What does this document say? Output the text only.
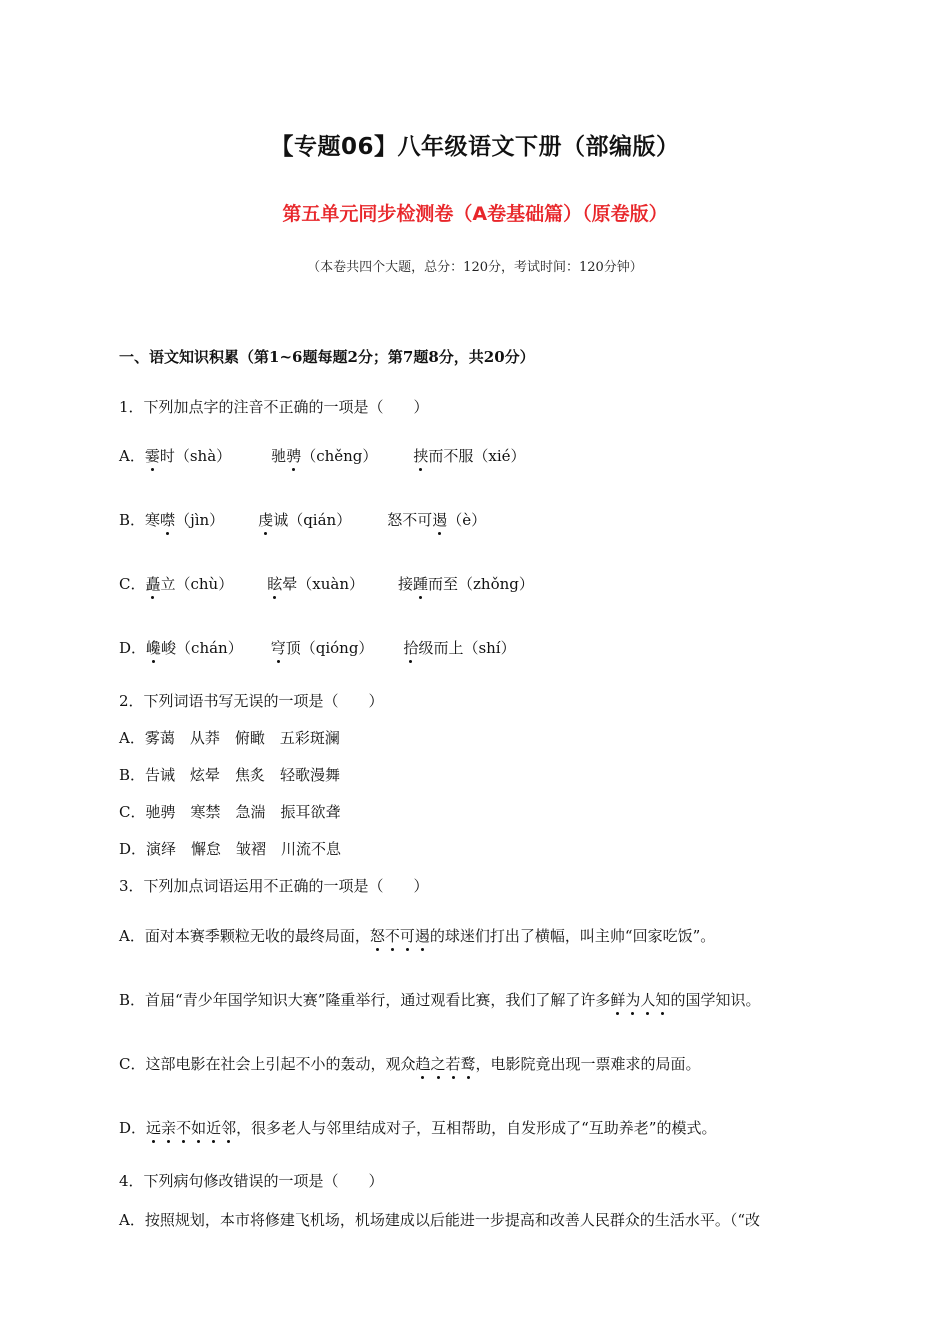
【专题06】八年级语文下册（部编版）
第五单元同步检测卷（A卷基础篇）（原卷版）
（本卷共四个大题，总分：120分，考试时间：120分钟）
一、语文知识积累（第1~6题每题2分；第7题8分，共20分）
1．下列加点字的注音不正确的一项是（　　）
A．霎时（shà）	驰骋（chěng） 挟而不服（xié）
B．寒噤（jìn） 虔诚（qián） 怒不可遏（è）
C．矗立（chù） 眩晕（xuàn） 接踵而至（zhǒng）
D．巉峻（chán） 穹顶（qióng） 拾级而上（shí）
2．下列词语书写无误的一项是（　　）
A．雾蔼　从莽　俯瞰　五彩斑澜
B．告诫　炫晕　焦炙　轻歌漫舞
C．驰骋　寒禁　急湍　振耳欲聋
D．演绎　懈怠　皱褶　川流不息
3．下列加点词语运用不正确的一项是（　　）
A．面对本赛季颗粒无收的最终局面，怒不可遏的球迷们打出了横幅，叫主帅“回家吃饭”。
B．首届“青少年国学知识大赛”隆重举行，通过观看比赛，我们了解了许多鲜为人知的国学知识。
C．这部电影在社会上引起不小的轰动，观众趋之若鹜，电影院竟出现一票难求的局面。
D．远亲不如近邻，很多老人与邻里结成对子，互相帮助，自发形成了“互助养老”的模式。
4．下列病句修改错误的一项是（　　）
A．按照规划，本市将修建飞机场，机场建成以后能进一步提高和改善人民群众的生活水平。（“改
